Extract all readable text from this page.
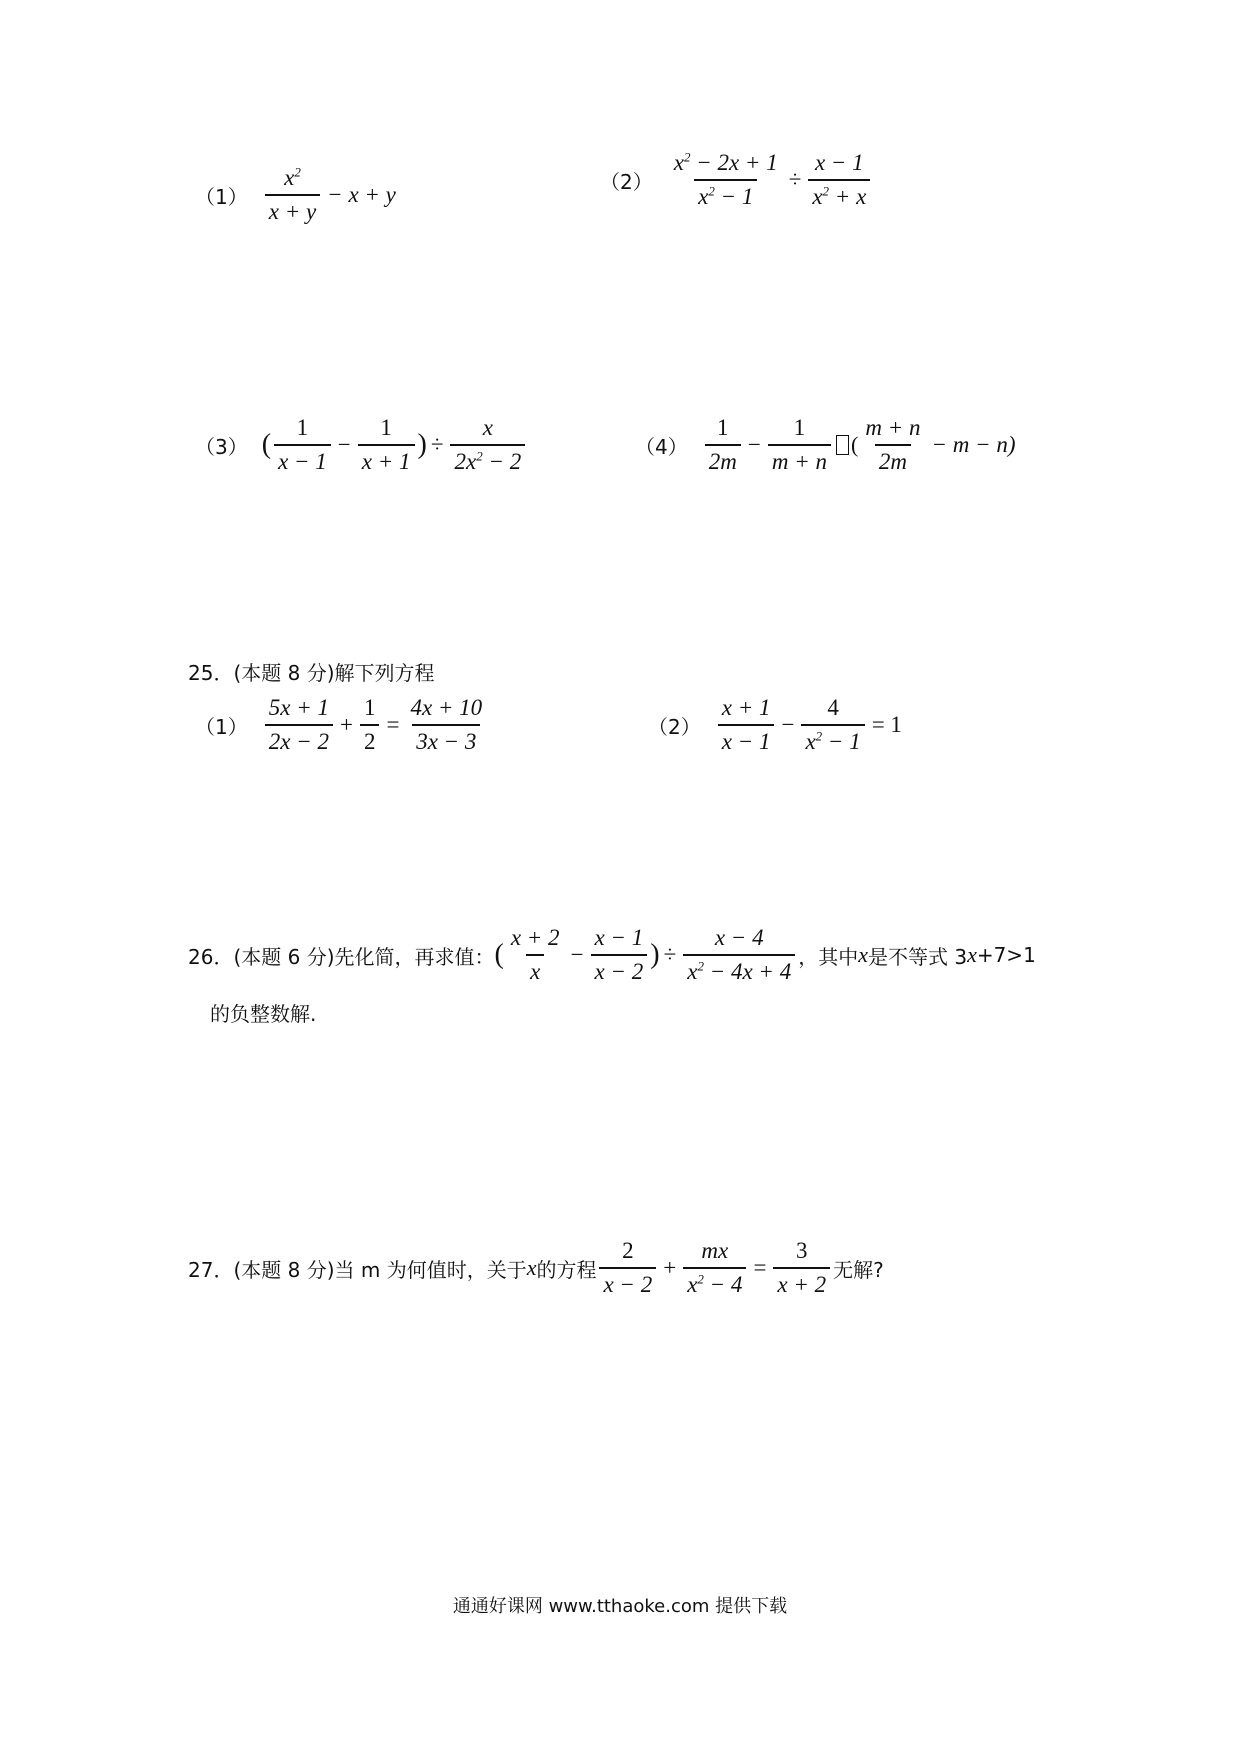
$(1) \frac{x^2}{x + y} - x + y$
$(2) \frac{x^2 - 2x + 1}{x^2 - 1} \div \frac{x - 1}{x^2 + x}$
（3） ( $\frac{1}{x - 1} - \frac{1}{x + 1}$ ) ÷ $\frac{x}{2x^2 - 2}$	$(4) \frac{1}{2m} - \frac{1}{m + n}$ ( $\frac{m + n}{2m} - m - n$)
25．(本题 8 分)解下列方程
$(1) \frac{5x + 1}{2x - 2} + \frac{1}{2} = \frac{4x + 10}{3x - 3}$	$(2) \frac{x + 1}{x - 1} - \frac{4}{x^2 - 1} = 1$
26．(本题 6 分)先化简，再求值： ( $\frac{x + 2}{x} - \frac{x - 1}{x - 2}$ ) ÷ $\frac{x - 4}{x^2 - 4x + 4}$ ，其中 x 是不等式 3 x +7>1
的负整数解.
27．(本题 8 分)当 m 为何值时，关于 x 的方程 $\frac{2}{x - 2} + \frac{mx}{x^2 - 4} = \frac{3}{x + 2}$ 无解?
通通好课网 www.tthaoke.com 提供下载
